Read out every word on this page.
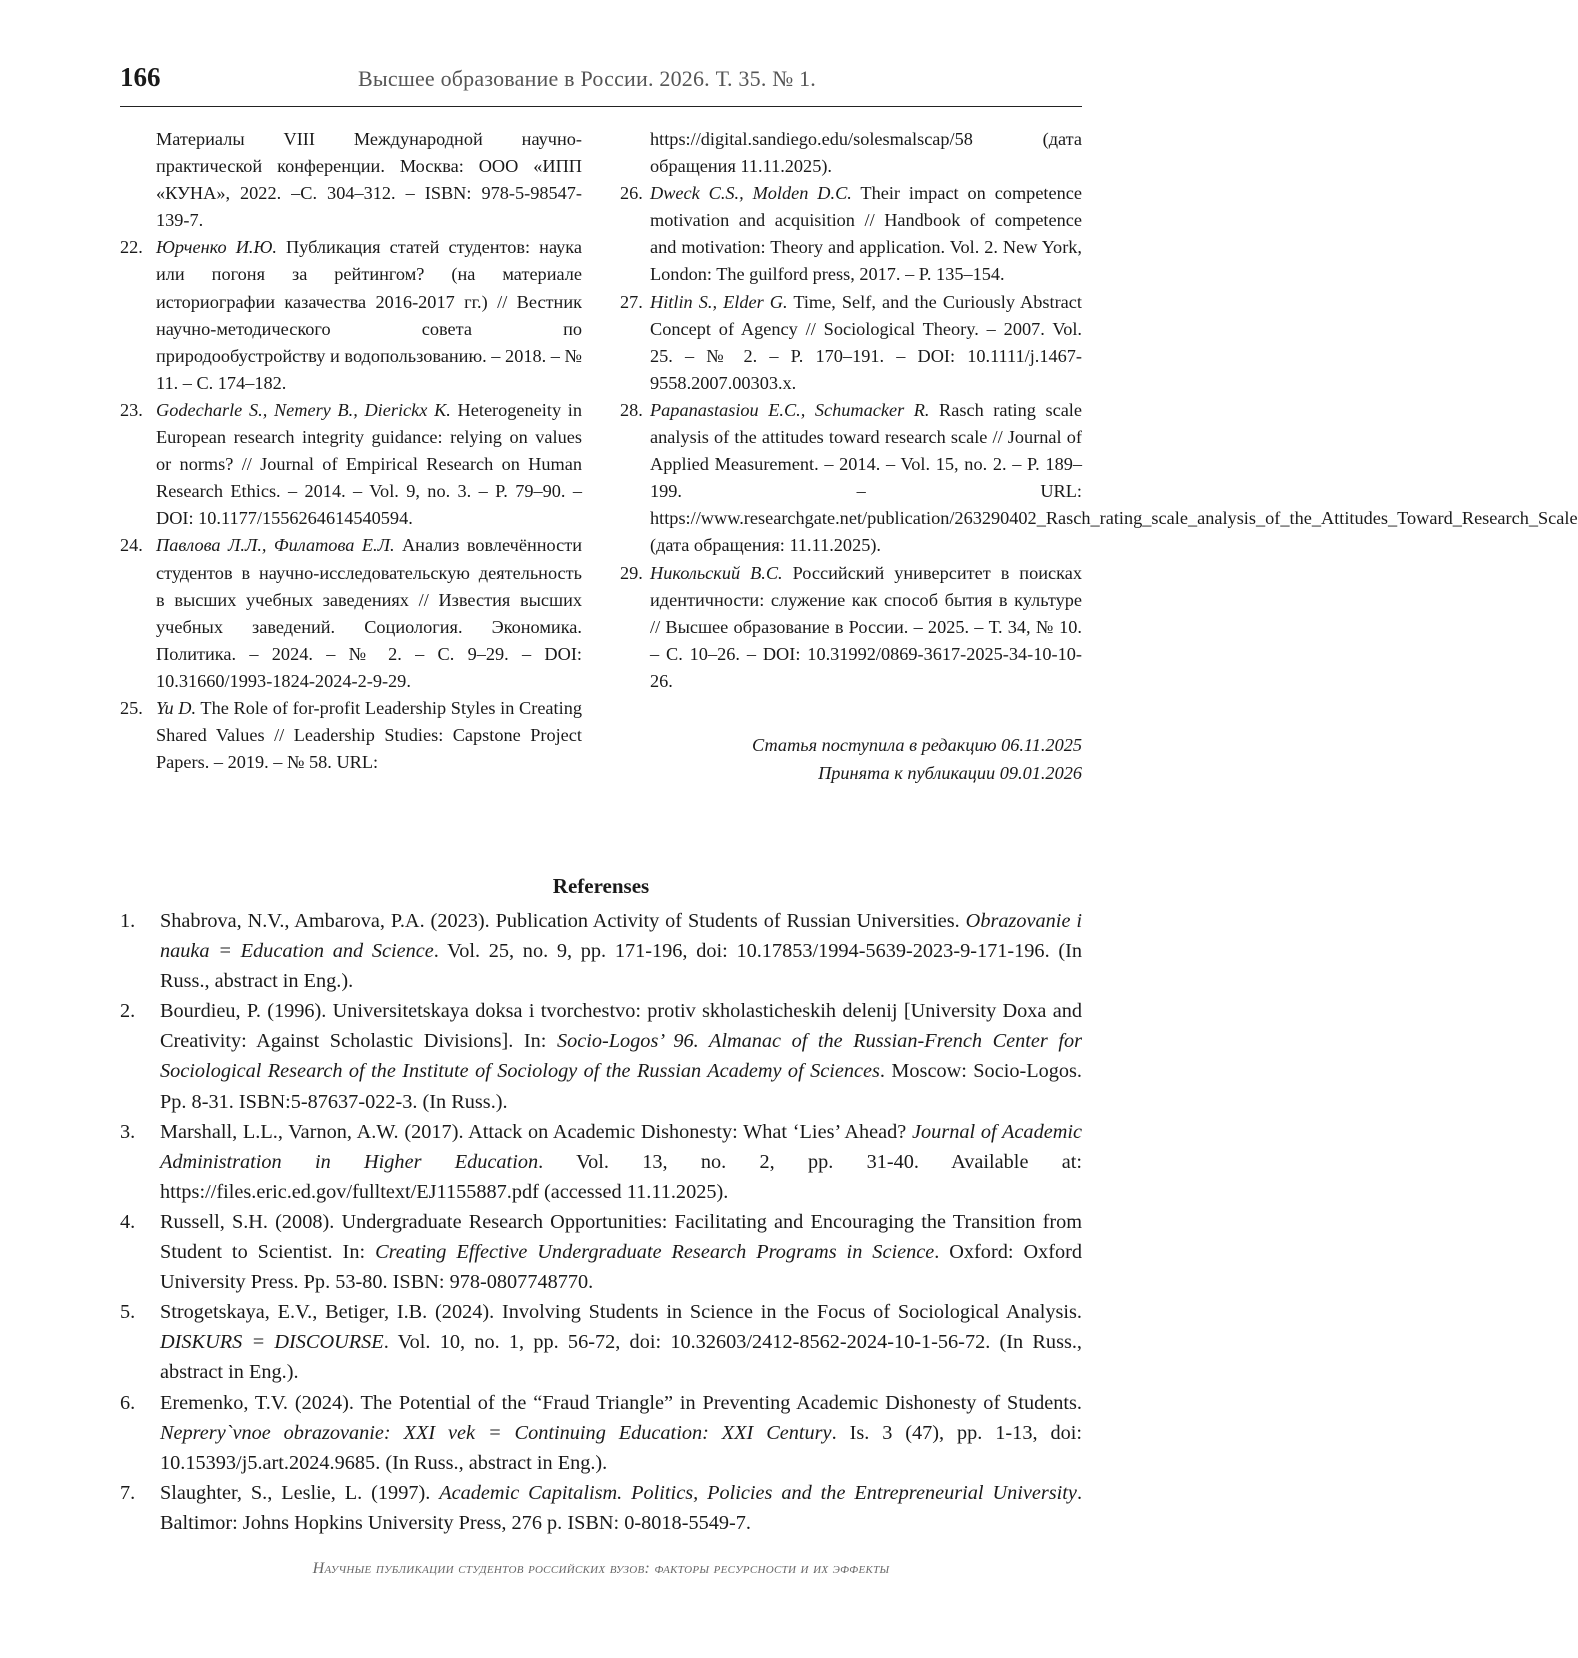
166	Высшее образование в России. 2026. Т. 35. № 1.

Материалы VIII Международной научно-практической конференции. Москва: ООО «ИПП «КУНА», 2022. –С. 304–312. – ISBN: 978-5-98547-139-7.

22. Юрченко И.Ю. Публикация статей студентов: наука или погоня за рейтингом? (на материале историографии казачества 2016-2017 гг.) // Вестник научно-методического совета по природообустройству и водопользованию. – 2018. – № 11. – С. 174–182.

23. Godecharle S., Nemery B., Dierickx K. Heterogeneity in European research integrity guidance: relying on values or norms? // Journal of Empirical Research on Human Research Ethics. – 2014. – Vol. 9, no. 3. – P. 79–90. – DOI: 10.1177/1556264614540594.

24. Павлова Л.Л., Филатова Е.Л. Анализ вовлечённости студентов в научно-исследовательскую деятельность в высших учебных заведениях // Известия высших учебных заведений. Социология. Экономика. Политика. – 2024. – № 2. – С. 9–29. – DOI: 10.31660/1993-1824-2024-2-9-29.

25. Yu D. The Role of for-profit Leadership Styles in Creating Shared Values // Leadership Studies: Capstone Project Papers. – 2019. – № 58. URL:

https://digital.sandiego.edu/solesmalscap/58 (дата обращения 11.11.2025).

26. Dweck C.S., Molden D.C. Their impact on competence motivation and acquisition // Handbook of competence and motivation: Theory and application. Vol. 2. New York, London: The guilford press, 2017. – P. 135–154.

27. Hitlin S., Elder G. Time, Self, and the Curiously Abstract Concept of Agency // Sociological Theory. – 2007. Vol. 25. – № 2. – P. 170–191. – DOI: 10.1111/j.1467-9558.2007.00303.x.

28. Papanastasiou E.C., Schumacker R. Rasch rating scale analysis of the attitudes toward research scale // Journal of Applied Measurement. – 2014. – Vol. 15, no. 2. – P. 189–199. – URL: https://www.researchgate.net/publication/263290402_Rasch_rating_scale_analysis_of_the_Attitudes_Toward_Research_Scale (дата обращения: 11.11.2025).

29. Никольский В.С. Российский университет в поисках идентичности: служение как способ бытия в культуре // Высшее образование в России. – 2025. – Т. 34, № 10. – С. 10–26. – DOI: 10.31992/0869-3617-2025-34-10-10-26.

Статья поступила в редакцию 06.11.2025
Принята к публикации 09.01.2026
Referenses
1. Shabrova, N.V., Ambarova, P.A. (2023). Publication Activity of Students of Russian Universities. Obrazovanie i nauka = Education and Science. Vol. 25, no. 9, pp. 171-196, doi: 10.17853/1994-5639-2023-9-171-196. (In Russ., abstract in Eng.).
2. Bourdieu, P. (1996). Universitetskaya doksa i tvorchestvo: protiv skholasticheskih delenij [University Doxa and Creativity: Against Scholastic Divisions]. In: Socio-Logos’ 96. Almanac of the Russian-French Center for Sociological Research of the Institute of Sociology of the Russian Academy of Sciences. Moscow: Socio-Logos. Pp. 8-31. ISBN:5-87637-022-3. (In Russ.).
3. Marshall, L.L., Varnon, A.W. (2017). Attack on Academic Dishonesty: What ‘Lies’ Ahead? Journal of Academic Administration in Higher Education. Vol. 13, no. 2, pp. 31-40. Available at: https://files.eric.ed.gov/fulltext/EJ1155887.pdf (accessed 11.11.2025).
4. Russell, S.H. (2008). Undergraduate Research Opportunities: Facilitating and Encouraging the Transition from Student to Scientist. In: Creating Effective Undergraduate Research Programs in Science. Oxford: Oxford University Press. Pp. 53-80. ISBN: 978-0807748770.
5. Strogetskaya, E.V., Betiger, I.B. (2024). Involving Students in Science in the Focus of Sociological Analysis. DISKURS = DISCOURSE. Vol. 10, no. 1, pp. 56-72, doi: 10.32603/2412-8562-2024-10-1-56-72. (In Russ., abstract in Eng.).
6. Eremenko, T.V. (2024). The Potential of the “Fraud Triangle” in Preventing Academic Dishonesty of Students. Neprery`vnoe obrazovanie: XXI vek = Continuing Education: XXI Century. Is. 3 (47), pp. 1-13, doi: 10.15393/j5.art.2024.9685. (In Russ., abstract in Eng.).
7. Slaughter, S., Leslie, L. (1997). Academic Capitalism. Politics, Policies and the Entrepreneurial University. Baltimor: Johns Hopkins University Press, 276 p. ISBN: 0-8018-5549-7.
Научные публикации студентов российских вузов: факторы ресурсности и их эффекты
